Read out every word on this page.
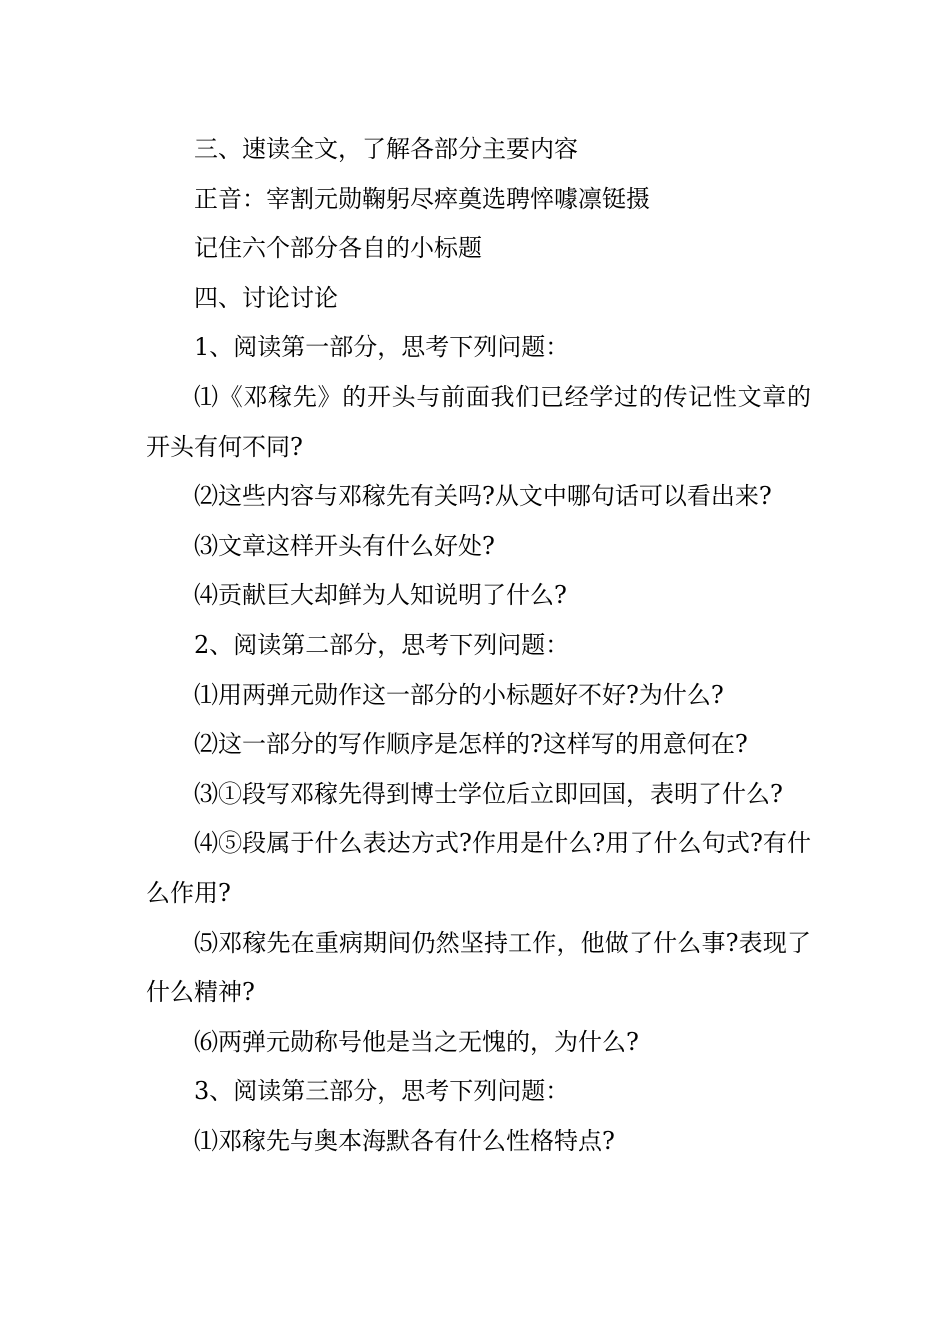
三、速读全文，了解各部分主要内容

正音：宰割元勋鞠躬尽瘁奠选聘悴噱凛铤摄

记住六个部分各自的小标题

四、讨论讨论

1、阅读第一部分，思考下列问题：

⑴《邓稼先》的开头与前面我们已经学过的传记性文章的开头有何不同?

⑵这些内容与邓稼先有关吗?从文中哪句话可以看出来?

⑶文章这样开头有什么好处?

⑷贡献巨大却鲜为人知说明了什么?

2、阅读第二部分，思考下列问题：

⑴用两弹元勋作这一部分的小标题好不好?为什么?

⑵这一部分的写作顺序是怎样的?这样写的用意何在?

⑶①段写邓稼先得到博士学位后立即回国，表明了什么?

⑷⑤段属于什么表达方式?作用是什么?用了什么句式?有什么作用?

⑸邓稼先在重病期间仍然坚持工作，他做了什么事?表现了什么精神?

⑹两弹元勋称号他是当之无愧的，为什么?

3、阅读第三部分，思考下列问题：

⑴邓稼先与奥本海默各有什么性格特点?
